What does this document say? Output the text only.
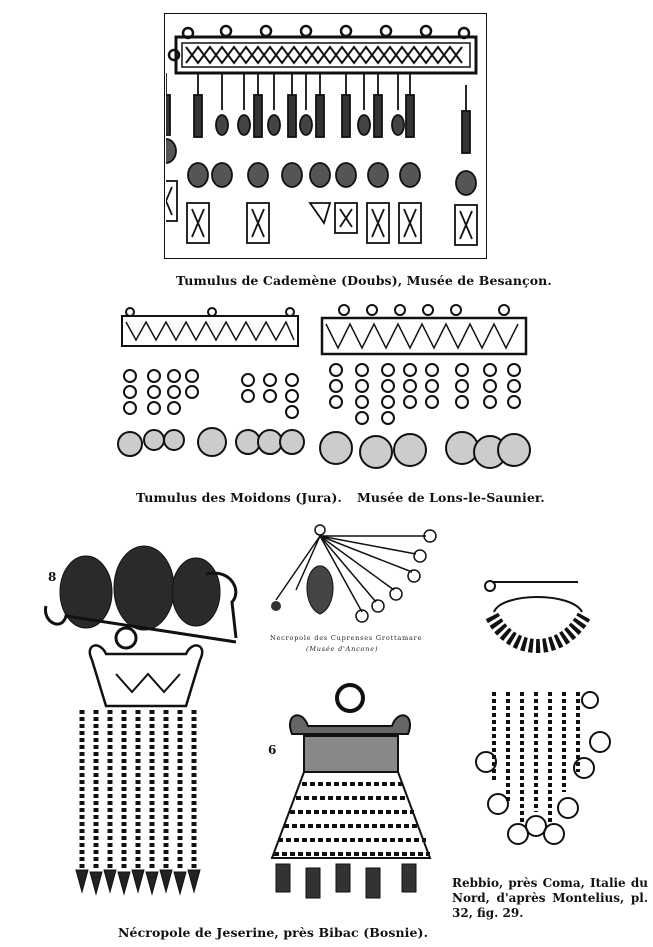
Tumulus de Cademène (Doubs), Musée de Besançon.
Tumulus des Moidons (Jura). Musée de Lons-le-Saunier.
8
Necropole des Cuprenses Grottamare
(Musée d'Ancone)
6
Nécropole de Jeserine, près Bibac (Bosnie).
Rebbio, près Coma, Italie du Nord, d'après Montelius, pl. 32, fig. 29.
